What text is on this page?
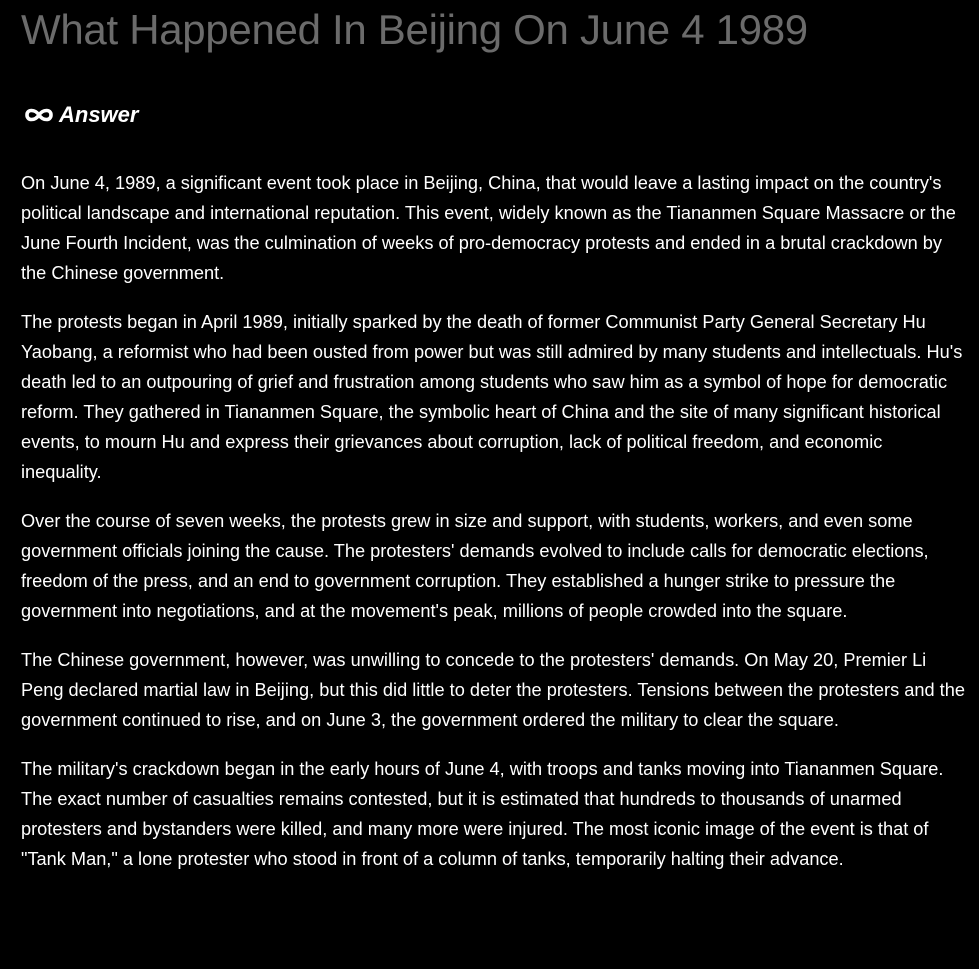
What Happened In Beijing On June 4 1989
Answer

On June 4, 1989, a significant event took place in Beijing, China, that would leave a lasting impact on the country's political landscape and international reputation. This event, widely known as the Tiananmen Square Massacre or the June Fourth Incident, was the culmination of weeks of pro-democracy protests and ended in a brutal crackdown by the Chinese government.

The protests began in April 1989, initially sparked by the death of former Communist Party General Secretary Hu Yaobang, a reformist who had been ousted from power but was still admired by many students and intellectuals. Hu's death led to an outpouring of grief and frustration among students who saw him as a symbol of hope for democratic reform. They gathered in Tiananmen Square, the symbolic heart of China and the site of many significant historical events, to mourn Hu and express their grievances about corruption, lack of political freedom, and economic inequality.

Over the course of seven weeks, the protests grew in size and support, with students, workers, and even some government officials joining the cause. The protesters' demands evolved to include calls for democratic elections, freedom of the press, and an end to government corruption. They established a hunger strike to pressure the government into negotiations, and at the movement's peak, millions of people crowded into the square.

The Chinese government, however, was unwilling to concede to the protesters' demands. On May 20, Premier Li Peng declared martial law in Beijing, but this did little to deter the protesters. Tensions between the protesters and the government continued to rise, and on June 3, the government ordered the military to clear the square.

The military's crackdown began in the early hours of June 4, with troops and tanks moving into Tiananmen Square. The exact number of casualties remains contested, but it is estimated that hundreds to thousands of unarmed protesters and bystanders were killed, and many more were injured. The most iconic image of the event is that of "Tank Man," a lone protester who stood in front of a column of tanks, temporarily halting their advance.
